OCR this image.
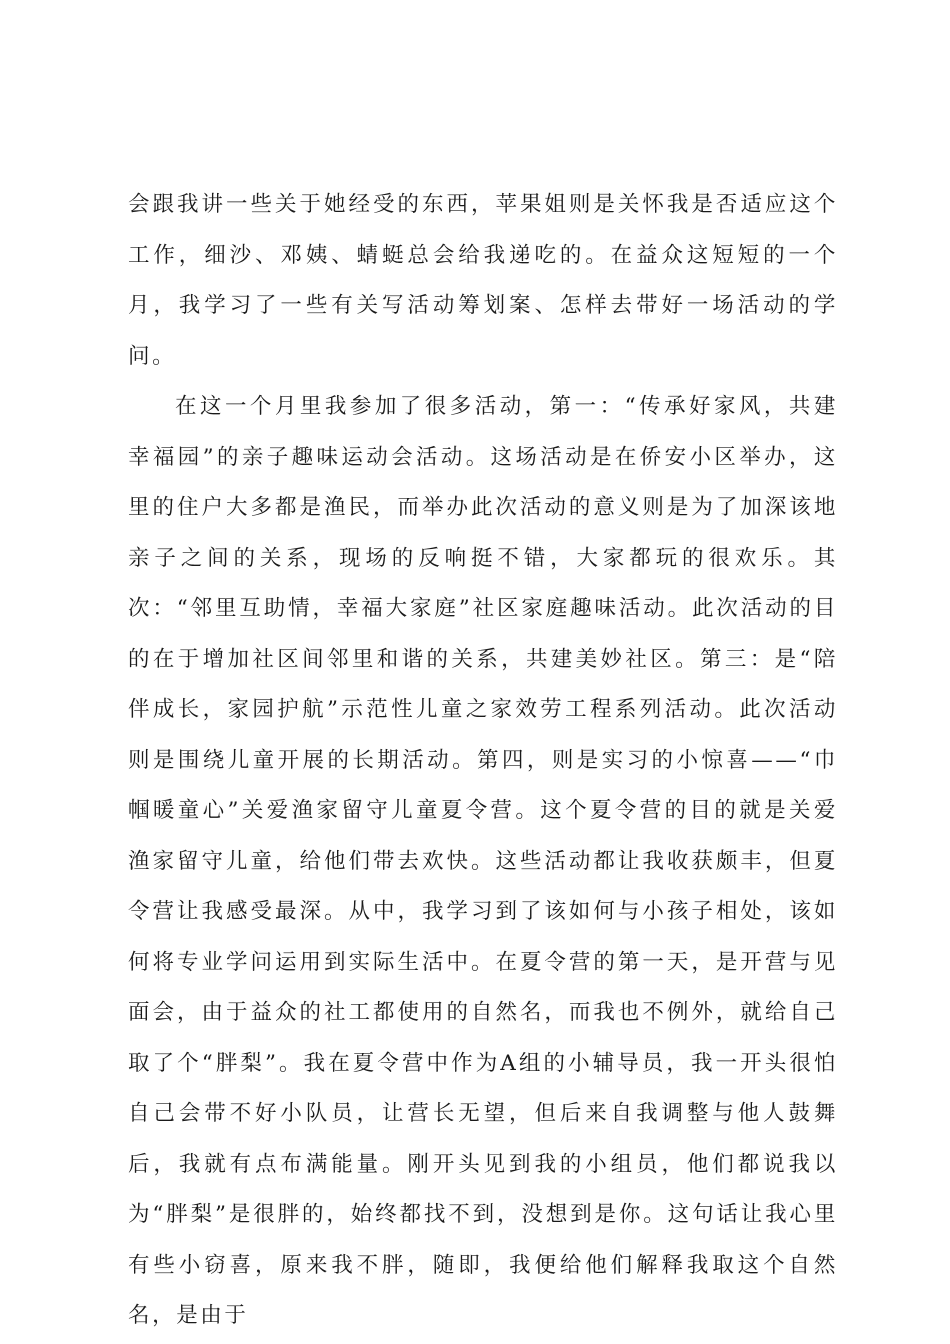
会跟我讲一些关于她经受的东西，苹果姐则是关怀我是否适应这个工作，细沙、邓姨、蜻蜓总会给我递吃的。在益众这短短的一个月，我学习了一些有关写活动筹划案、怎样去带好一场活动的学问。

在这一个月里我参加了很多活动，第一：“传承好家风，共建幸福园”的亲子趣味运动会活动。这场活动是在侨安小区举办，这里的住户大多都是渔民，而举办此次活动的意义则是为了加深该地亲子之间的关系，现场的反响挺不错，大家都玩的很欢乐。其次：“邻里互助情，幸福大家庭”社区家庭趣味活动。此次活动的目的在于增加社区间邻里和谐的关系，共建美妙社区。第三：是“陪伴成长，家园护航”示范性儿童之家效劳工程系列活动。此次活动则是围绕儿童开展的长期活动。第四，则是实习的小惊喜——“巾帼暖童心”关爱渔家留守儿童夏令营。这个夏令营的目的就是关爱渔家留守儿童，给他们带去欢快。这些活动都让我收获颇丰，但夏令营让我感受最深。从中，我学习到了该如何与小孩子相处，该如何将专业学问运用到实际生活中。在夏令营的第一天，是开营与见面会，由于益众的社工都使用的自然名，而我也不例外，就给自己取了个“胖梨”。我在夏令营中作为A组的小辅导员，我一开头很怕自己会带不好小队员，让营长无望，但后来自我调整与他人鼓舞后，我就有点布满能量。刚开头见到我的小组员，他们都说我以为“胖梨”是很胖的，始终都找不到，没想到是你。这句话让我心里有些小窃喜，原来我不胖，随即，我便给他们解释我取这个自然名，是由于
